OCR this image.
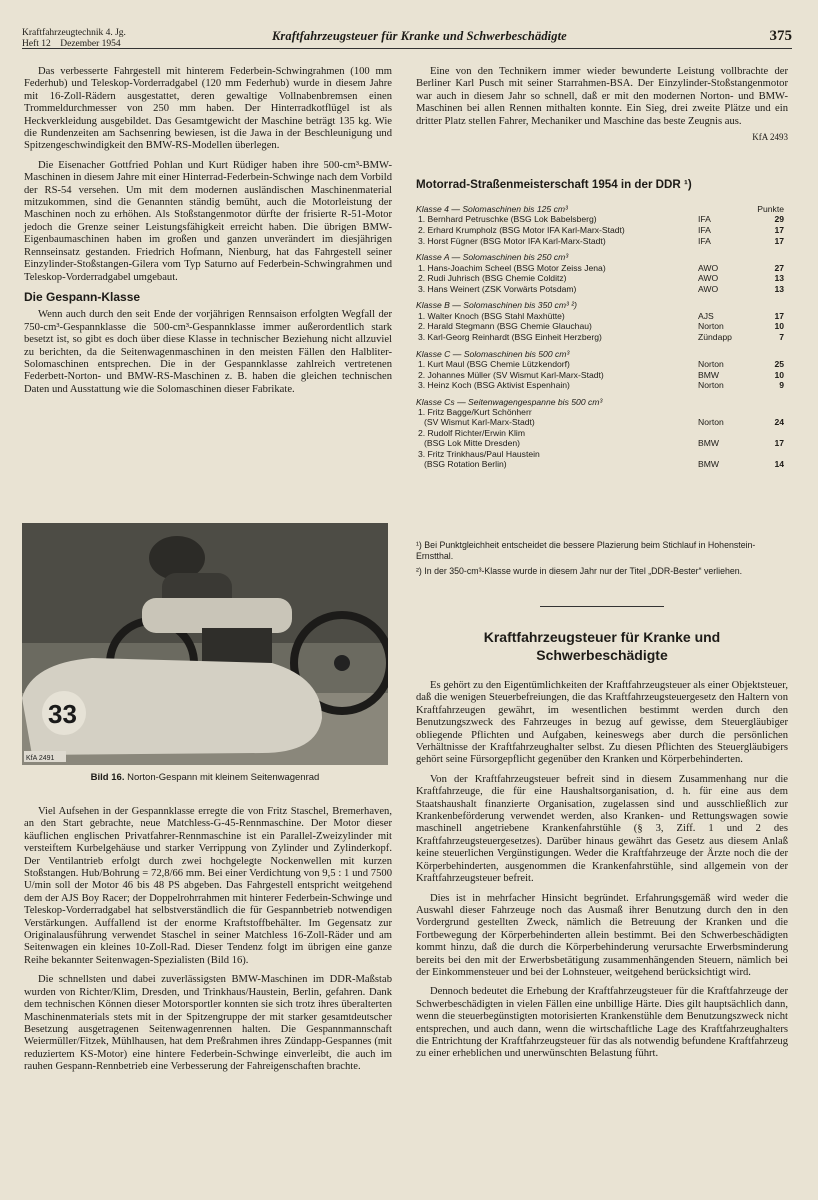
Kraftfahrzeugtechnik 4. Jg.
Heft 12    Dezember 1954
Kraftfahrzeugsteuer für Kranke und Schwerbeschädigte	375

Das verbesserte Fahrgestell mit hinterem Federbein-Schwingrahmen (100 mm Federhub) und Teleskop-Vorderradgabel (120 mm Federhub) wurde in diesem Jahre mit 16-Zoll-Rädern ausgestattet, deren gewaltige Vollnabenbremsen einen Trommeldurchmesser von 250 mm haben. Der Hinterradkotflügel ist als Heckverkleidung ausgebildet. Das Gesamtgewicht der Maschine beträgt 135 kg. Wie die Rundenzeiten am Sachsenring bewiesen, ist die Jawa in der Beschleunigung und Spitzengeschwindigkeit den BMW-RS-Modellen überlegen.

Die Eisenacher Gottfried Pohlan und Kurt Rüdiger haben ihre 500-cm³-BMW-Maschinen in diesem Jahre mit einer Hinterrad-Federbein-Schwinge nach dem Vorbild der RS-54 versehen. Um mit dem modernen ausländischen Maschinenmaterial mitzukommen, sind die Genannten ständig bemüht, auch die Motorleistung der Maschinen noch zu erhöhen. Als Stoßstangenmotor dürfte der frisierte R-51-Motor jedoch die Grenze seiner Leistungsfähigkeit erreicht haben. Die übrigen BMW-Eigenbaumaschinen haben im großen und ganzen unverändert im diesjährigen Rennseinsatz gestanden. Friedrich Hofmann, Nienburg, hat das Fahrgestell seiner Einzylinder-Stoßstangen-Gilera vom Typ Saturno auf Federbein-Schwingrahmen und Teleskop-Vorderradgabel umgebaut.

Die Gespann-Klasse

Wenn auch durch den seit Ende der vorjährigen Rennsaison erfolgten Wegfall der 750-cm³-Gespannklasse die 500-cm³-Gespannklasse immer außerordentlich stark besetzt ist, so gibt es doch über diese Klasse in technischer Beziehung nicht allzuviel zu berichten, da die Seitenwagenmaschinen in den meisten Fällen den Halbliter-Solomaschinen entsprechen. Die in der Gespannklasse zahlreich vertretenen Federbett-Norton- und BMW-RS-Maschinen z. B. haben die gleichen technischen Daten und Ausstattung wie die Solomaschinen dieser Fabrikate.

33
KfA 2491
Bild 16. Norton-Gespann mit kleinem Seitenwagenrad

Viel Aufsehen in der Gespannklasse erregte die von Fritz Staschel, Bremerhaven, an den Start gebrachte, neue Matchless-G-45-Rennmaschine. Der Motor dieser käuflichen englischen Privatfahrer-Rennmaschine ist ein Parallel-Zweizylinder mit versteiftem Kurbelgehäuse und starker Verrippung von Zylinder und Zylinderkopf. Der Ventilantrieb erfolgt durch zwei hochgelegte Nockenwellen mit kurzen Stoßstangen. Hub/Bohrung = 72,8/66 mm. Bei einer Verdichtung von 9,5 : 1 und 7500 U/min soll der Motor 46 bis 48 PS abgeben. Das Fahrgestell entspricht weitgehend dem der AJS Boy Racer; der Doppelrohrrahmen mit hinterer Federbein-Schwinge und Teleskop-Vorderradgabel hat selbstverständlich die für Gespannbetrieb notwendigen Verstärkungen. Auffallend ist der enorme Kraftstoffbehälter. Im Gegensatz zur Originalausführung verwendet Staschel in seiner Matchless 16-Zoll-Räder und am Seitenwagen ein kleines 10-Zoll-Rad. Dieser Tendenz folgt im übrigen eine ganze Reihe bekannter Seitenwagen-Spezialisten (Bild 16).

Die schnellsten und dabei zuverlässigsten BMW-Maschinen im DDR-Maßstab wurden von Richter/Klim, Dresden, und Trinkhaus/Haustein, Berlin, gefahren. Dank dem technischen Können dieser Motorsportler konnten sie sich trotz ihres überalterten Maschinenmaterials stets mit in der Spitzengruppe der mit starker gesamtdeutscher Besetzung ausgetragenen Seitenwagenrennen halten. Die Gespannmannschaft Weiermüller/Fitzek, Mühlhausen, hat dem Preßrahmen ihres Zündapp-Gespannes (mit reduziertem KS-Motor) eine hintere Federbein-Schwinge einverleibt, die auch im rauhen Gespann-Rennbetrieb eine Verbesserung der Fahreigenschaften brachte.

Eine von den Technikern immer wieder bewunderte Leistung vollbrachte der Berliner Karl Pusch mit seiner Starrahmen-BSA. Der Einzylinder-Stoßstangenmotor war auch in diesem Jahr so schnell, daß er mit den modernen Norton- und BMW-Maschinen bei allen Rennen mithalten konnte. Ein Sieg, drei zweite Plätze und ein dritter Platz stellen Fahrer, Mechaniker und Maschine das beste Zeugnis aus.

KfA 2493
Motorrad-Straßenmeisterschaft 1954 in der DDR ¹)
Klasse 4 — Solomaschinen bis 125 cm³	Punkte
1. Bernhard Petruschke (BSG Lok Babelsberg)	IFA	29
2. Erhard Krumpholz (BSG Motor IFA Karl-Marx-Stadt)	IFA	17
3. Horst Fügner (BSG Motor IFA Karl-Marx-Stadt)	IFA	17
Klasse A — Solomaschinen bis 250 cm³
1. Hans-Joachim Scheel (BSG Motor Zeiss Jena)	AWO	27
2. Rudi Juhrisch (BSG Chemie Colditz)	AWO	13
3. Hans Weinert (ZSK Vorwärts Potsdam)	AWO	13
Klasse B — Solomaschinen bis 350 cm³ ²)
1. Walter Knoch (BSG Stahl Maxhütte)	AJS	17
2. Harald Stegmann (BSG Chemie Glauchau)	Norton	10
3. Karl-Georg Reinhardt (BSG Einheit Herzberg)	Zündapp	7
Klasse C — Solomaschinen bis 500 cm³
1. Kurt Maul (BSG Chemie Lützkendorf)	Norton	25
2. Johannes Müller (SV Wismut Karl-Marx-Stadt)	BMW	10
3. Heinz Koch (BSG Aktivist Espenhain)	Norton	9
Klasse Cs — Seitenwagengespanne bis 500 cm³
1. Fritz Bagge/Kurt Schönherr
(SV Wismut Karl-Marx-Stadt)	Norton	24
2. Rudolf Richter/Erwin Klim
(BSG Lok Mitte Dresden)	BMW	17
3. Fritz Trinkhaus/Paul Haustein
(BSG Rotation Berlin)	BMW	14
¹) Bei Punktgleichheit entscheidet die bessere Plazierung beim Stichlauf in Hohenstein-Ernstthal.
²) In der 350-cm³-Klasse wurde in diesem Jahr nur der Titel „DDR-Bester“ verliehen.
Kraftfahrzeugsteuer für Kranke und
Schwerbeschädigte

Es gehört zu den Eigentümlichkeiten der Kraftfahrzeugsteuer als einer Objektsteuer, daß die wenigen Steuerbefreiungen, die das Kraftfahrzeugsteuergesetz den Haltern von Kraftfahrzeugen gewährt, im wesentlichen bestimmt werden durch den Benutzungszweck des Fahrzeuges in bezug auf gewisse, dem Steuergläubiger obliegende Pflichten und Aufgaben, keineswegs aber durch die persönlichen Verhältnisse der Kraftfahrzeughalter selbst. Zu diesen Pflichten des Steuergläubigers gehört seine Fürsorgepflicht gegenüber den Kranken und Körperbehinderten.

Von der Kraftfahrzeugsteuer befreit sind in diesem Zusammenhang nur die Kraftfahrzeuge, die für eine Haushaltsorganisation, d. h. für eine aus dem Staatshaushalt finanzierte Organisation, zugelassen sind und ausschließlich zur Krankenbeförderung verwendet werden, also Kranken- und Rettungswagen sowie maschinell angetriebene Krankenfahrstühle (§ 3, Ziff. 1 und 2 des Kraftfahrzeugsteuergesetzes). Darüber hinaus gewährt das Gesetz aus diesem Anlaß keine steuerlichen Vergünstigungen. Weder die Kraftfahrzeuge der Ärzte noch die der Körperbehinderten, ausgenommen die Krankenfahrstühle, sind allgemein von der Kraftfahrzeugsteuer befreit.

Dies ist in mehrfacher Hinsicht begründet. Erfahrungsgemäß wird weder die Auswahl dieser Fahrzeuge noch das Ausmaß ihrer Benutzung durch den in den Vordergrund gestellten Zweck, nämlich die Betreuung der Kranken und die Fortbewegung der Körperbehinderten allein bestimmt. Bei den Schwerbeschädigten kommt hinzu, daß die durch die Körperbehinderung verursachte Erwerbsminderung bereits bei den mit der Erwerbsbetätigung zusammenhängenden Steuern, nämlich bei der Einkommensteuer und bei der Lohnsteuer, weitgehend berücksichtigt wird.

Dennoch bedeutet die Erhebung der Kraftfahrzeugsteuer für die Kraftfahrzeuge der Schwerbeschädigten in vielen Fällen eine unbillige Härte. Dies gilt hauptsächlich dann, wenn die steuerbegünstigten motorisierten Krankenstühle dem Benutzungszweck nicht entsprechen, und auch dann, wenn die wirtschaftliche Lage des Kraftfahrzeughalters die Entrichtung der Kraftfahrzeugsteuer für das als notwendig befundene Kraftfahrzeug zu einer erheblichen und unerwünschten Belastung führt.
